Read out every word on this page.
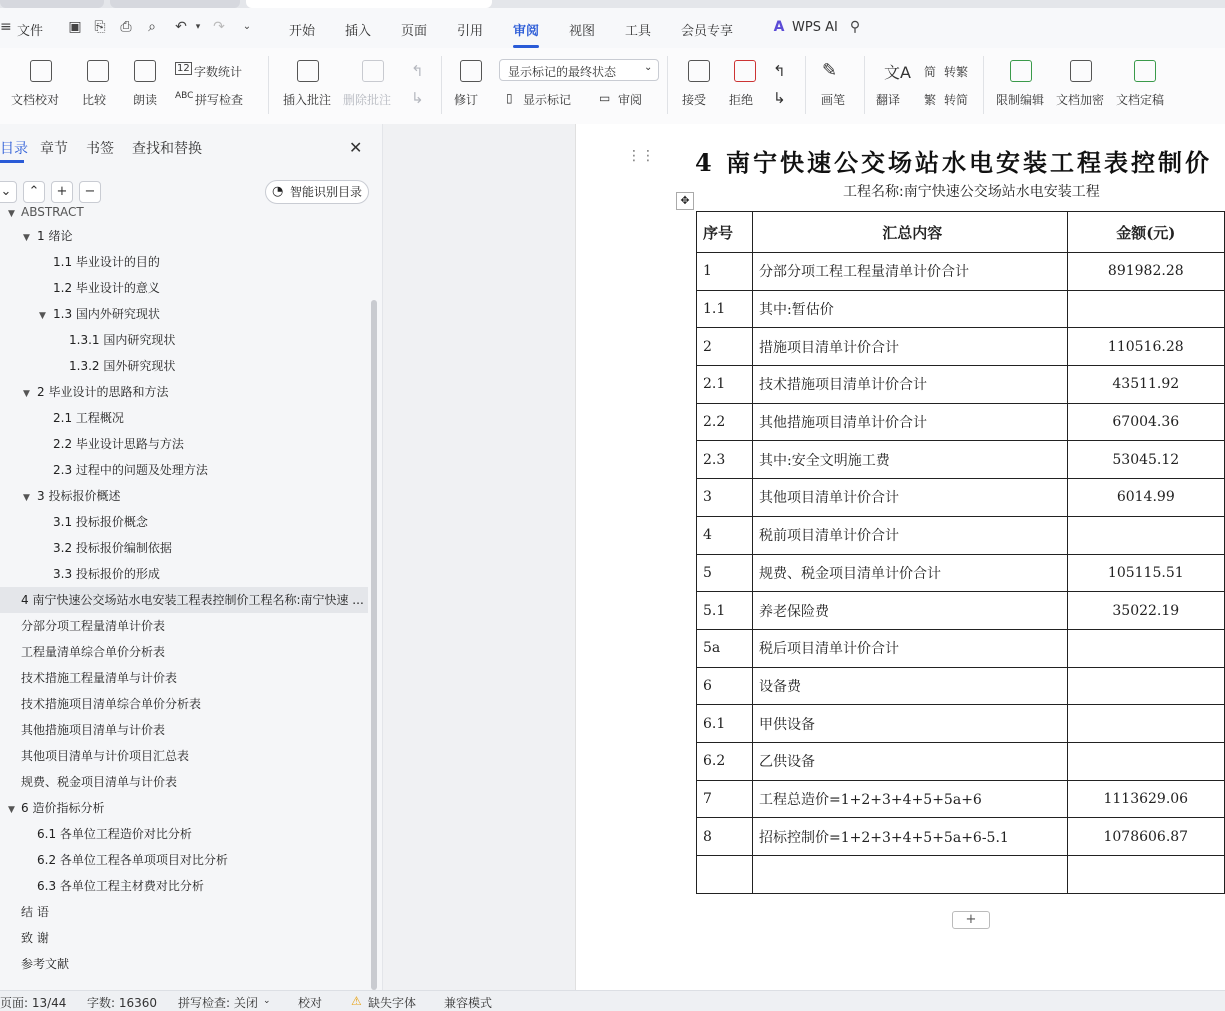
≡ 文件 ▣ ⎘ ⎙	⌕	↶ ▾ ↷	⌄	开始 插入 页面 引用 审阅 视图 工具 会员专享	A WPS AI ⚲
文档校对 比较 朗读
12 字数统计
ABC 拼写检查	插入批注 删除批注
↰
↳	修订
显示标记的最终状态	⌄
▯ 显示标记 ▭ 审阅	接受 拒绝
↰
↳
✎
画笔
文A
翻译
简 转繁
繁 转简 限制编辑 文档加密 文档定稿
目录 章节 书签 查找和替换	✕
⌄	⌃	+	−	◔ 智能识别目录
▼ ABSTRACT
▼ 1 绪论
1.1 毕业设计的目的
1.2 毕业设计的意义
▼ 1.3 国内外研究现状
1.3.1 国内研究现状
1.3.2 国外研究现状
▼ 2 毕业设计的思路和方法
2.1 工程概况
2.2 毕业设计思路与方法
2.3 过程中的问题及处理方法
▼ 3 投标报价概述
3.1 投标报价概念
3.2 投标报价编制依据
3.3 投标报价的形成
4 南宁快速公交场站水电安装工程表控制价工程名称:南宁快速 ...
分部分项工程量清单计价表
工程量清单综合单价分析表
技术措施工程量清单与计价表
技术措施项目清单综合单价分析表
其他措施项目清单与计价表
其他项目清单与计价项目汇总表
规费、税金项目清单与计价表
▼ 6 造价指标分析
6.1 各单位工程造价对比分析
6.2 各单位工程各单项项目对比分析
6.3 各单位工程主材费对比分析
结 语
致 谢
参考文献
⋮⋮
✥
4 南宁快速公交场站水电安装工程表控制价
工程名称:南宁快速公交场站水电安装工程
序号	汇总内容	金额(元)
1	分部分项工程工程量清单计价合计	891982.28
1.1	其中:暂估价	
2	措施项目清单计价合计	110516.28
2.1	技术措施项目清单计价合计	43511.92
2.2	其他措施项目清单计价合计	67004.36
2.3	其中:安全文明施工费	53045.12
3	其他项目清单计价合计	6014.99
4	税前项目清单计价合计	
5	规费、税金项目清单计价合计	105115.51
5.1	养老保险费	35022.19
5a	税后项目清单计价合计	
6	设备费	
6.1	甲供设备	
6.2	乙供设备	
7	工程总造价=1+2+3+4+5+5a+6	1113629.06
8	招标控制价=1+2+3+4+5+5a+6-5.1	1078606.87

+
页面: 13/44 字数: 16360 拼写检查: 关闭 ⌄ 校对 ⚠ 缺失字体 兼容模式
